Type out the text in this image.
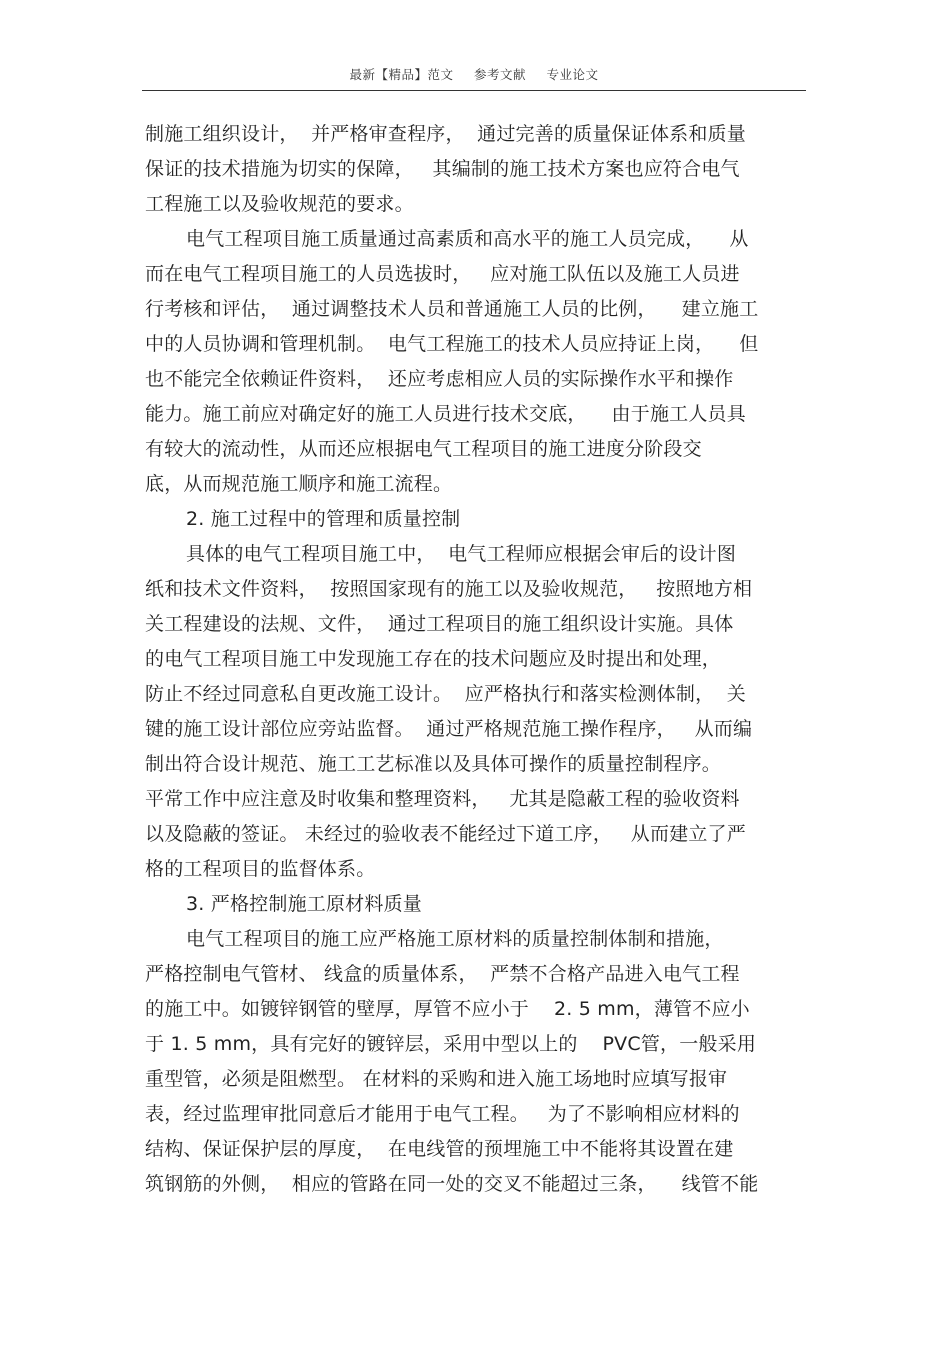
最新【精品】范文 参考文献 专业论文
制施工组织设计，  并严格审查程序，  通过完善的质量保证体系和质量
保证的技术措施为切实的保障，   其编制的施工技术方案也应符合电气
工程施工以及验收规范的要求。
电气工程项目施工质量通过高素质和高水平的施工人员完成，    从
而在电气工程项目施工的人员选拔时，   应对施工队伍以及施工人员进
行考核和评估，  通过调整技术人员和普通施工人员的比例，    建立施工
中的人员协调和管理机制。  电气工程施工的技术人员应持证上岗，    但
也不能完全依赖证件资料，  还应考虑相应人员的实际操作水平和操作
能力。施工前应对确定好的施工人员进行技术交底，    由于施工人员具
有较大的流动性，从而还应根据电气工程项目的施工进度分阶段交
底，从而规范施工顺序和施工流程。
2. 施工过程中的管理和质量控制
具体的电气工程项目施工中，  电气工程师应根据会审后的设计图
纸和技术文件资料，  按照国家现有的施工以及验收规范，   按照地方相
关工程建设的法规、文件，  通过工程项目的施工组织设计实施。具体
的电气工程项目施工中发现施工存在的技术问题应及时提出和处理，
防止不经过同意私自更改施工设计。  应严格执行和落实检测体制，  关
键的施工设计部位应旁站监督。  通过严格规范施工操作程序，   从而编
制出符合设计规范、施工工艺标准以及具体可操作的质量控制程序。
平常工作中应注意及时收集和整理资料，   尤其是隐蔽工程的验收资料
以及隐蔽的签证。 未经过的验收表不能经过下道工序，   从而建立了严
格的工程项目的监督体系。
3. 严格控制施工原材料质量
电气工程项目的施工应严格施工原材料的质量控制体制和措施，
严格控制电气管材、 线盒的质量体系，  严禁不合格产品进入电气工程
的施工中。如镀锌钢管的壁厚，厚管不应小于    2. 5 mm，薄管不应小
于 1. 5 mm，具有完好的镀锌层，采用中型以上的    PVC管，一般采用
重型管，必须是阻燃型。 在材料的采购和进入施工场地时应填写报审
表，经过监理审批同意后才能用于电气工程。   为了不影响相应材料的
结构、保证保护层的厚度，  在电线管的预埋施工中不能将其设置在建
筑钢筋的外侧，  相应的管路在同一处的交叉不能超过三条，    线管不能
